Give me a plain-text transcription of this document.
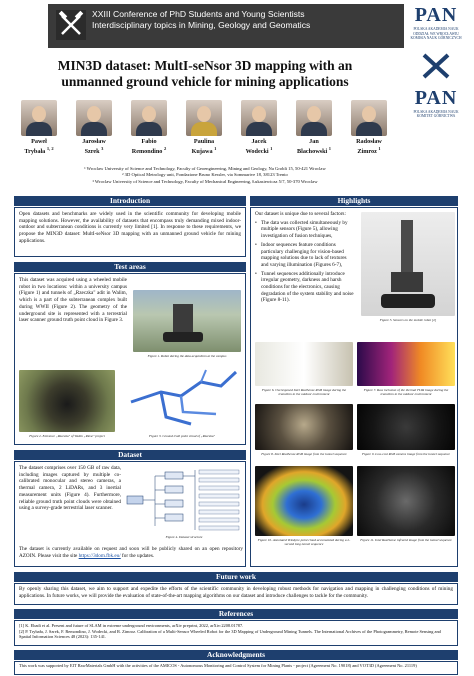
XXIII Conference of PhD Students and Young Scientists
Interdisciplinary topics in Mining, Geology and Geomatics
MIN3D dataset: MultI-seNsor 3D mapping with an
unmanned ground vehicle for mining applications
Paweł
Trybała $^{1, 2}$
Jarosław
Szrek $^3$
Fabio
Remondino $^2$
Paulina
Kujawa $^1$
Jacek
Wodecki $^1$
Jan
Blachowski $^1$
Radosław
Zimroz $^1$
¹ Wroclaw University of Science and Technology, Faculty of Geoengineering, Mining and Geology, Na Grobli 15, 50-421 Wroclaw
² 3D Optical Metrology unit, Fondazione Bruno Kessler, via Sommarive 18, 38123 Trento
³ Wroclaw University of Science and Technology, Faculty of Mechanical Engineering, Łukasiewicza 5/7, 50-370 Wroclaw
PAN
POLSKA AKADEMIA NAUK
ODDZIAŁ WE WROCŁAWIU
KOMISJA NAUK GÓRNICZYCH
PAN
POLSKA AKADEMIA NAUK
KOMITET GÓRNICTWA
Introduction
Open datasets and benchmarks are widely used in the scientific community for developing mobile mapping solutions. However, the availability of datasets that encompass truly demanding mixed indoor-outdoor and subterranean conditions is currently very limited [1]. In response to these requirements, we propose the MIN3D dataset: MultI-seNsor 3D mapping with an unmanned ground vehicle for mining applications.
Test areas
This dataset was acquired using a wheeled mobile robot in two locations: within a university campus (Figure 1) and tunnels of „Rzeczka" adit in Walim, which is a part of the subterranean complex built during WWII (Figure 2). The geometry of the underground site is represented with a terrestrial laser scanner ground truth point cloud in Figure 3.
Figure 1. Robot during the data acquisition at the campus
Figure 2. Entrance „Rzeczka" of Walim „Riese" project	Figure 3. Ground truth point cloud of „Rzeczka"
Dataset
The dataset comprises over 150 GB of raw data, including images captured by multiple co-calibrated monocular and stereo cameras, a thermal camera, 2 LiDARs, and 3 inertial measurement units (Figure 4). Furthermore, reliable ground truth point clouds were obtained using a survey-grade terrestrial laser scanner.
Figure 4. Dataset structure
The dataset is currently available on request and soon will be publicly shared on an open repository AZOIN. Please visit the site https://3dom.fbk.eu/ for the updates.
Highlights
Our dataset is unique due to several factors:
• The data was collected simultaneously by multiple sensors (Figure 5), allowing investigation of fusion techniques,
• Indoor sequences feature conditions particulary challenging for vision-based mapping solutions due to lack of textures and varying illumination (Figures 6-7),
• Tunnel sequences additionally introduce irregular geometry, darkness and harsh conditions for the electronics, causing degradation of the system stability and noise (Figure 8-11).
Figure 5. Sensors on the mobile robot [2]
Figure 6. Overexposed Intel RealSense RGB image during the transition to the outdoor environment
Figure 7. Raw inclusion of the thermal FLIR image during the transition to the outdoor environment
Figure 8. Intel RealSense RGB image from the tunnel sequence	Figure 9. Low-cost RGB camera image from the tunnel sequence
Figure 10. Annotated Velodyne point cloud accumulated during a 2-second long tunnel sequence
Figure 11. Intel RealSense infrared image from the tunnel sequence
Future work
By openly sharing this dataset, we aim to support and expedite the efforts of the scientific community in developing robust methods for navigation and mapping in challenging conditions of mining applications. In future works, we will provide the evaluation of state-of-the-art mapping algorithms on our dataset and introduce challenges to tackle for the community.
References
[1] K. Ebadi et al. Present and future of SLAM in extreme underground environments, arXiv preprint, 2022, arXiv:2208.01787.
[2] P. Trybała, J. Szrek, F. Remondino, J. Wodecki, and R. Zimroz. Calibration of a Multi-Sensor Wheeled Robot for the 3D Mapping of Underground Mining Tunnels. The International Archives of the Photogrammetry, Remote Sensing and Spatial Information Sciences 48 (2023): 135-141.
Acknowledgments
This work was supported by EIT RawMaterials GmbH with the activities of the AMICOS - Autonomous Monitoring and Control System for Mining Plants - project (Agreement No. 19018) and VOT3D (Agreement No. 21119)
